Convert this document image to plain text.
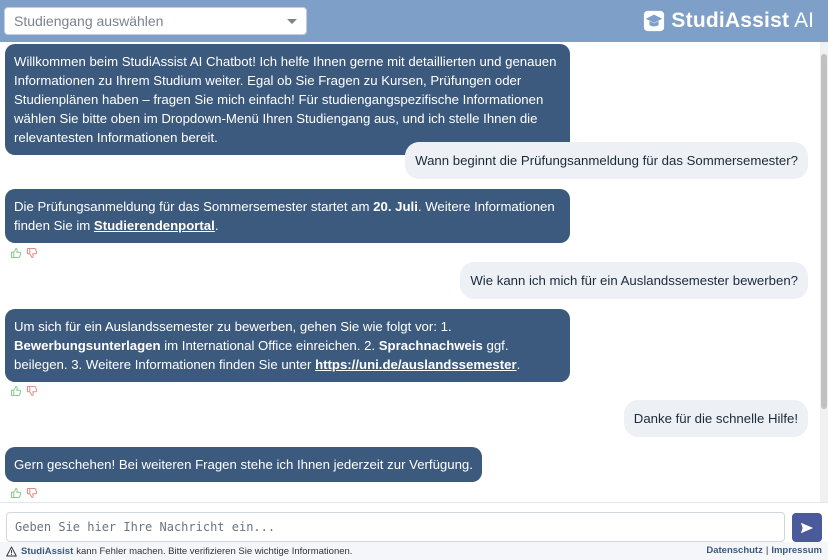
Studiengang auswählen	StudiAssist AI
Willkommen beim StudiAssist AI Chatbot! Ich helfe Ihnen gerne mit detaillierten und genauen Informationen zu Ihrem Studium weiter. Egal ob Sie Fragen zu Kursen, Prüfungen oder Studienplänen haben – fragen Sie mich einfach! Für studiengangspezifische Informationen wählen Sie bitte oben im Dropdown-Menü Ihren Studiengang aus, und ich stelle Ihnen die relevantesten Informationen bereit.
Wann beginnt die Prüfungsanmeldung für das Sommersemester?
Die Prüfungsanmeldung für das Sommersemester startet am 20. Juli. Weitere Informationen finden Sie im Studierendenportal.
Wie kann ich mich für ein Auslandssemester bewerben?
Um sich für ein Auslandssemester zu bewerben, gehen Sie wie folgt vor: 1. Bewerbungsunterlagen im International Office einreichen. 2. Sprachnachweis ggf. beilegen. 3. Weitere Informationen finden Sie unter https://uni.de/auslandssemester.
Danke für die schnelle Hilfe!
Gern geschehen! Bei weiteren Fragen stehe ich Ihnen jederzeit zur Verfügung.
Geben Sie hier Ihre Nachricht ein...
StudiAssist kann Fehler machen. Bitte verifizieren Sie wichtige Informationen.	Datenschutz | Impressum
